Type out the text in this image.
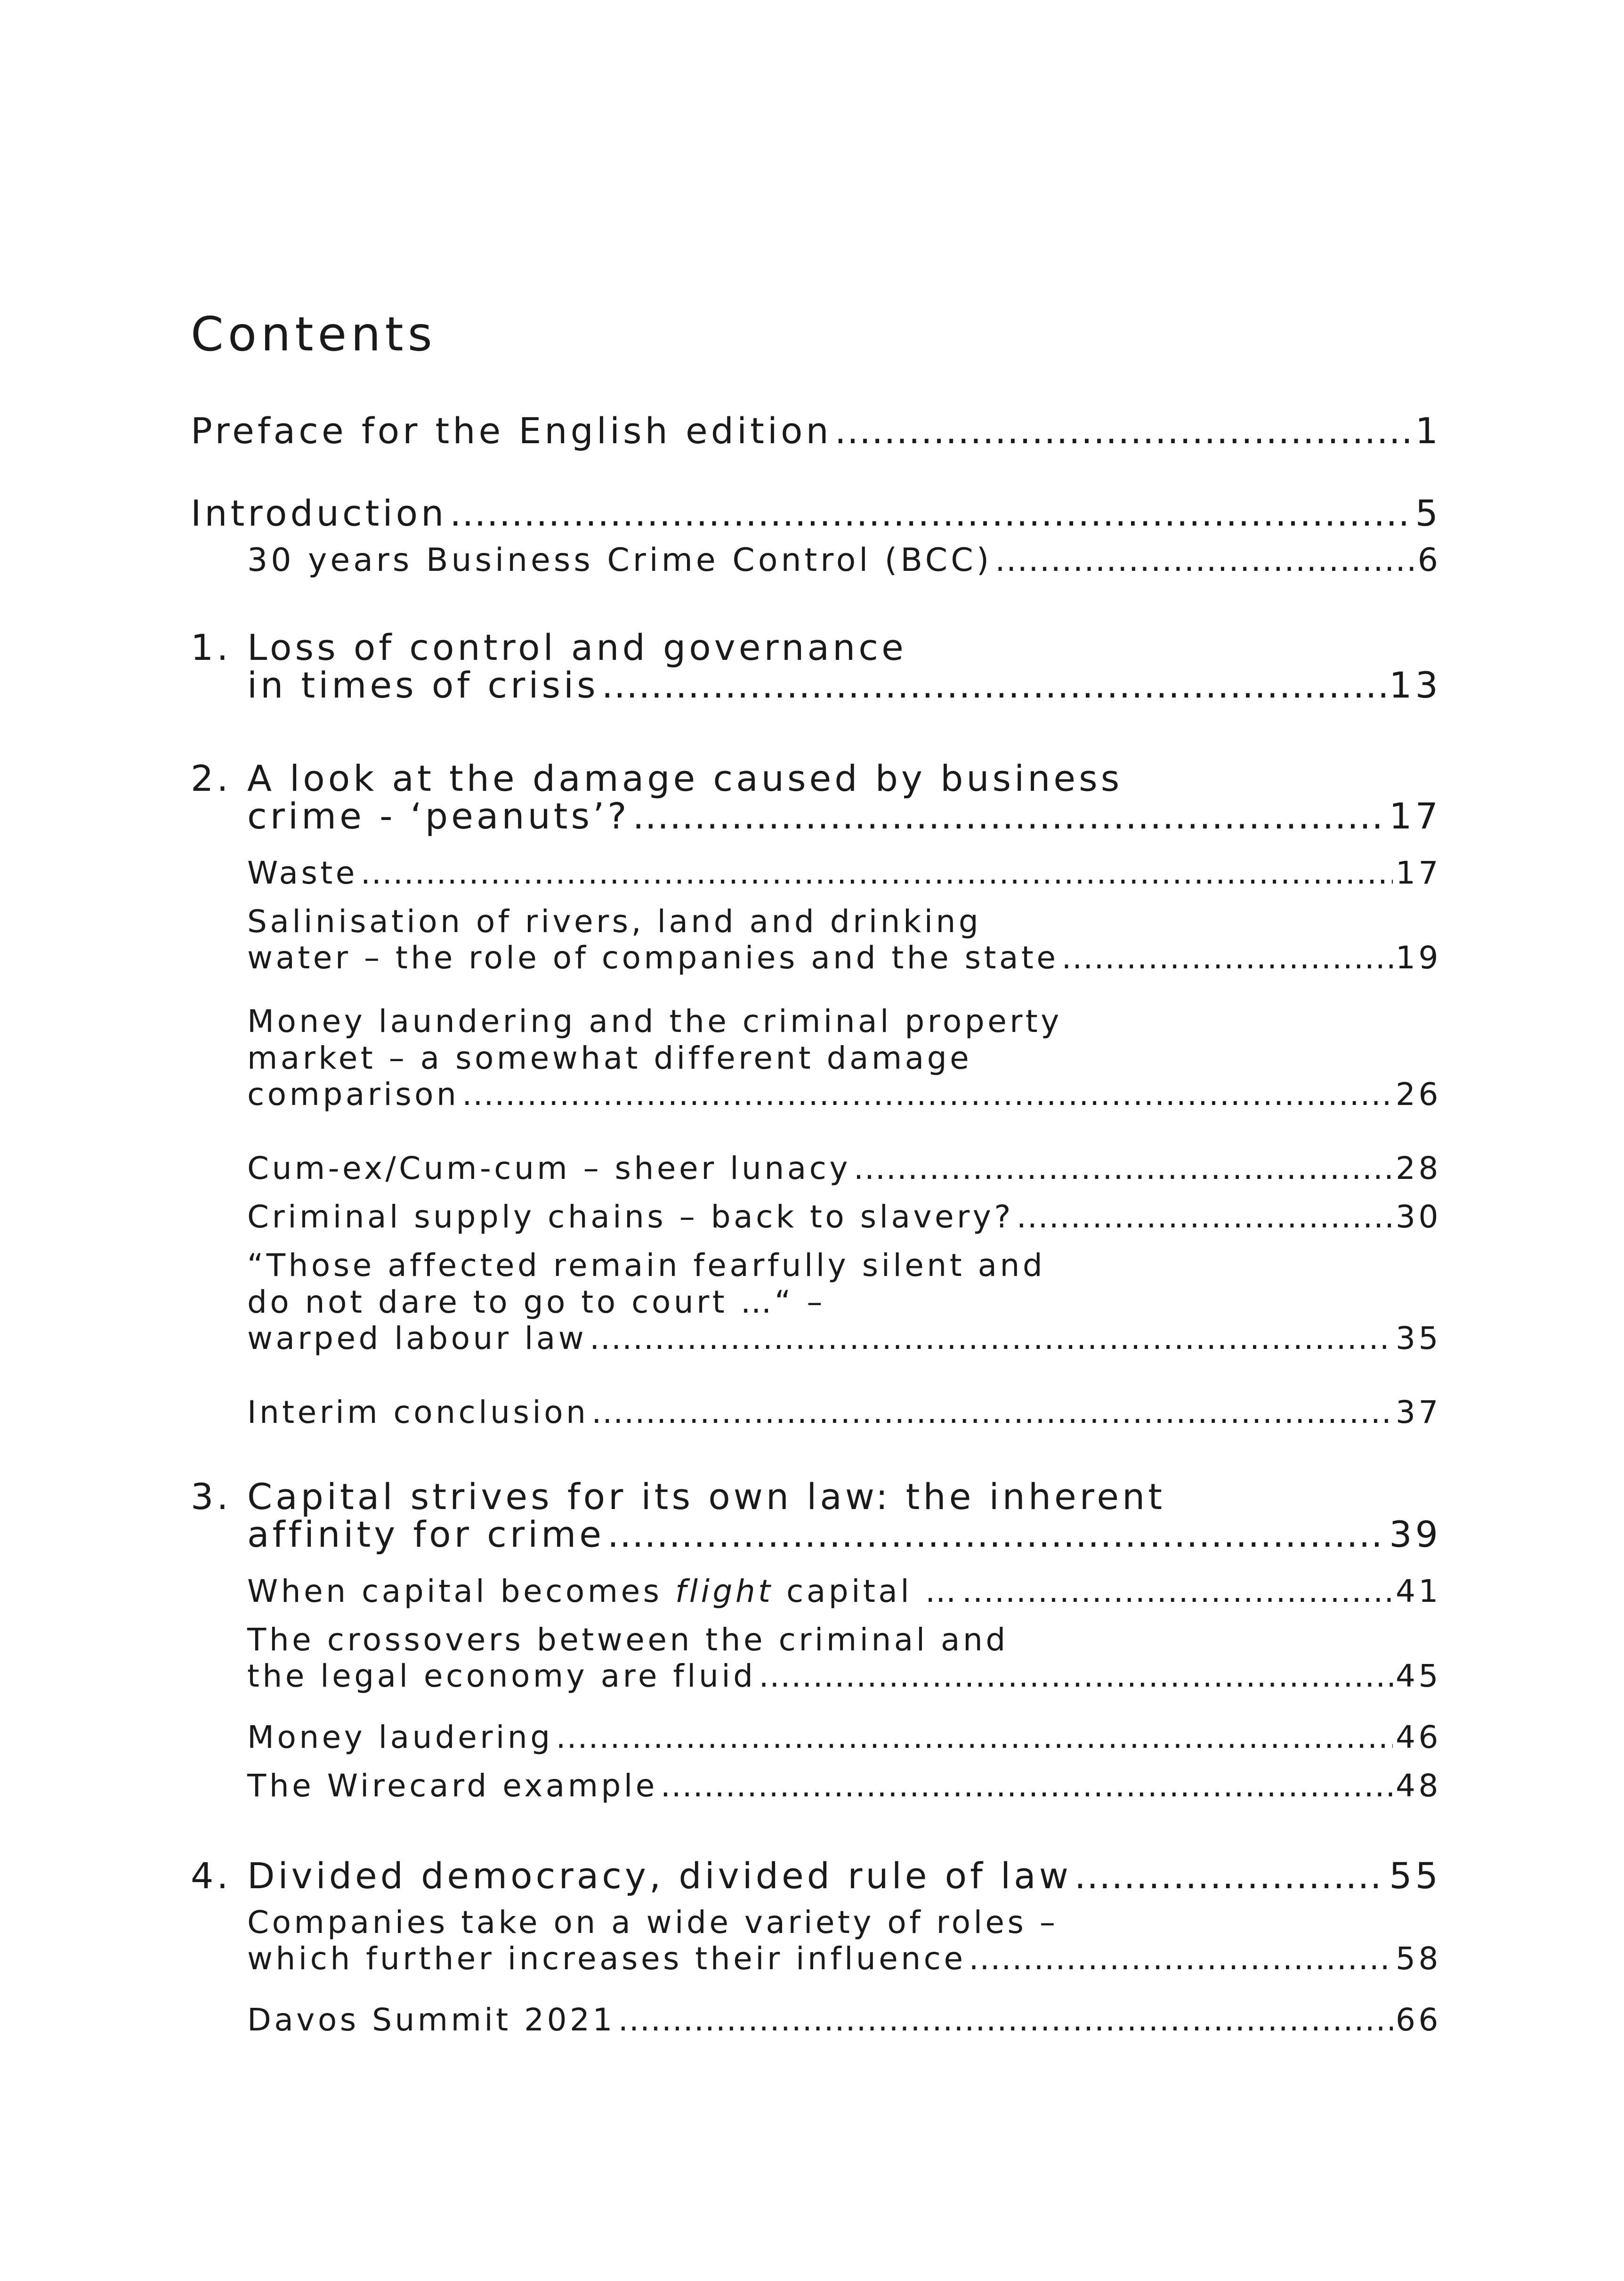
Contents
Preface for the English edition .....	1
Introduction .....	5
30 years Business Crime Control (BCC) .....	6
1. Loss of control and governance
in times of crisis .....	13
2. A look at the damage caused by business
crime - ‘peanuts’? .....	17
Waste .....	17
Salinisation of rivers, land and drinking
water – the role of companies and the state .....	19
Money laundering and the criminal property
market – a somewhat different damage
comparison .....	26
Cum-ex/Cum-cum – sheer lunacy .....	28
Criminal supply chains – back to slavery? .....	30
“Those affected remain fearfully silent and
do not dare to go to court …“ –
warped labour law .....	35
Interim conclusion .....	37
3. Capital strives for its own law: the inherent
affinity for crime .....	39
When capital becomes flight capital … .....	41
The crossovers between the criminal and
the legal economy are fluid .....	45
Money laudering .....	46
The Wirecard example .....	48
4. Divided democracy, divided rule of law .....	55
Companies take on a wide variety of roles –
which further increases their influence .....	58
Davos Summit 2021 .....	66
